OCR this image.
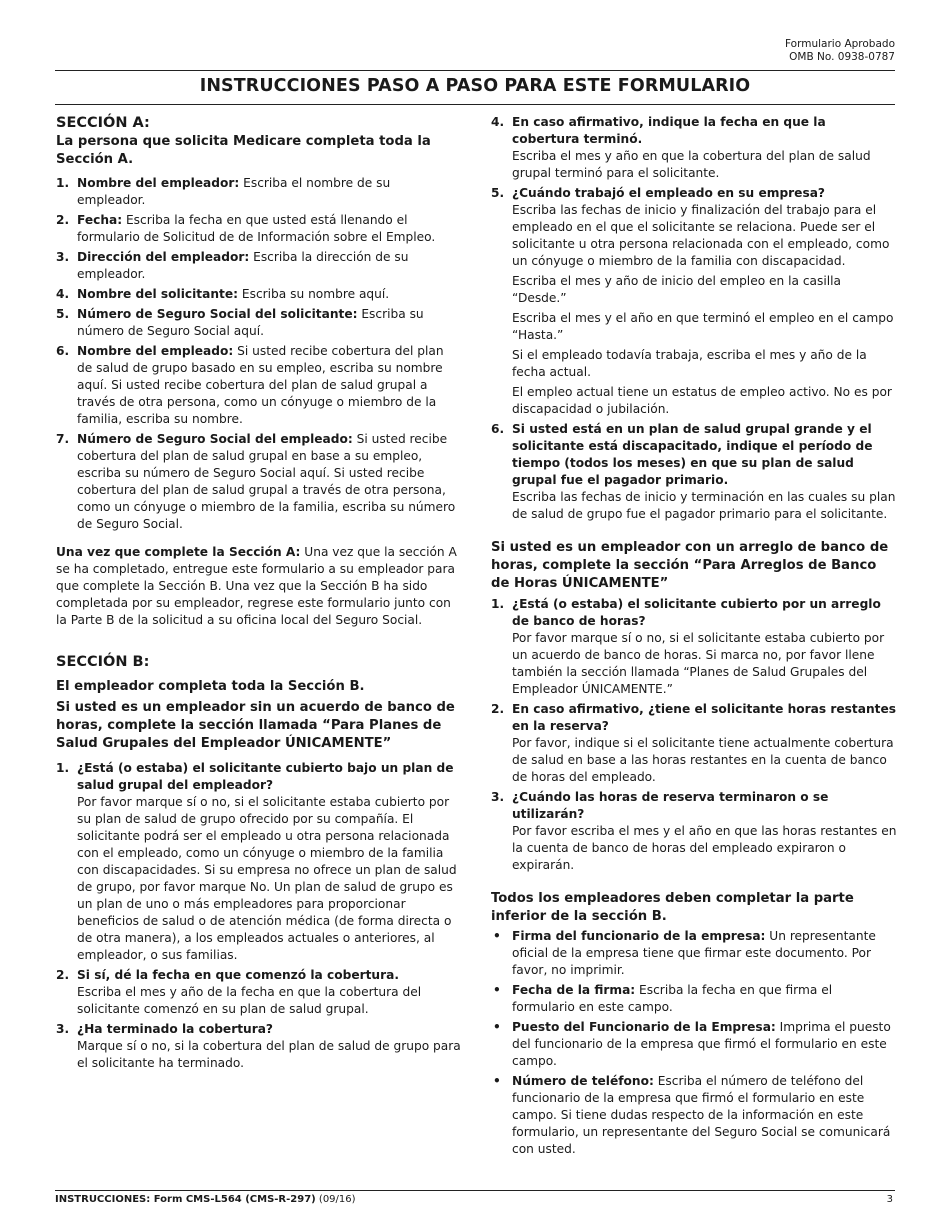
Formulario Aprobado
OMB No. 0938-0787
INSTRUCCIONES PASO A PASO PARA ESTE FORMULARIO
SECCIÓN A:
La persona que solicita Medicare completa toda la Sección A.
1. Nombre del empleador: Escriba el nombre de su empleador.
2. Fecha: Escriba la fecha en que usted está llenando el formulario de Solicitud de de Información sobre el Empleo.
3. Dirección del empleador: Escriba la dirección de su empleador.
4. Nombre del solicitante: Escriba su nombre aquí.
5. Número de Seguro Social del solicitante: Escriba su número de Seguro Social aquí.
6. Nombre del empleado: Si usted recibe cobertura del plan de salud de grupo basado en su empleo, escriba su nombre aquí. Si usted recibe cobertura del plan de salud grupal a través de otra persona, como un cónyuge o miembro de la familia, escriba su nombre.
7. Número de Seguro Social del empleado: Si usted recibe cobertura del plan de salud grupal en base a su empleo, escriba su número de Seguro Social aquí. Si usted recibe cobertura del plan de salud grupal a través de otra persona, como un cónyuge o miembro de la familia, escriba su número de Seguro Social.
Una vez que complete la Sección A: Una vez que la sección A se ha completado, entregue este formulario a su empleador para que complete la Sección B. Una vez que la Sección B ha sido completada por su empleador, regrese este formulario junto con la Parte B de la solicitud a su oficina local del Seguro Social.
SECCIÓN B:
El empleador completa toda la Sección B.
Si usted es un empleador sin un acuerdo de banco de horas, complete la sección llamada “Para Planes de Salud Grupales del Empleador ÚNICAMENTE”
1. ¿Está (o estaba) el solicitante cubierto bajo un plan de salud grupal del empleador?
Por favor marque sí o no, si el solicitante estaba cubierto por su plan de salud de grupo ofrecido por su compañía. El solicitante podrá ser el empleado u otra persona relacionada con el empleado, como un cónyuge o miembro de la familia con discapacidades. Si su empresa no ofrece un plan de salud de grupo, por favor marque No. Un plan de salud de grupo es un plan de uno o más empleadores para proporcionar beneficios de salud o de atención médica (de forma directa o de otra manera), a los empleados actuales o anteriores, al empleador, o sus familias.
2. Si sí, dé la fecha en que comenzó la cobertura.
Escriba el mes y año de la fecha en que la cobertura del solicitante comenzó en su plan de salud grupal.
3. ¿Ha terminado la cobertura?
Marque sí o no, si la cobertura del plan de salud de grupo para el solicitante ha terminado.
4. En caso afirmativo, indique la fecha en que la cobertura terminó.
Escriba el mes y año en que la cobertura del plan de salud grupal terminó para el solicitante.
5. ¿Cuándo trabajó el empleado en su empresa?
Escriba las fechas de inicio y finalización del trabajo para el empleado en el que el solicitante se relaciona. Puede ser el solicitante u otra persona relacionada con el empleado, como un cónyuge o miembro de la familia con discapacidad.
Escriba el mes y año de inicio del empleo en la casilla “Desde.”
Escriba el mes y el año en que terminó el empleo en el campo “Hasta.”
Si el empleado todavía trabaja, escriba el mes y año de la fecha actual.
El empleo actual tiene un estatus de empleo activo. No es por discapacidad o jubilación.
6. Si usted está en un plan de salud grupal grande y el solicitante está discapacitado, indique el período de tiempo (todos los meses) en que su plan de salud grupal fue el pagador primario.
Escriba las fechas de inicio y terminación en las cuales su plan de salud de grupo fue el pagador primario para el solicitante.
Si usted es un empleador con un arreglo de banco de horas, complete la sección “Para Arreglos de Banco de Horas ÚNICAMENTE”
1. ¿Está (o estaba) el solicitante cubierto por un arreglo de banco de horas?
Por favor marque sí o no, si el solicitante estaba cubierto por un acuerdo de banco de horas. Si marca no, por favor llene también la sección llamada “Planes de Salud Grupales del Empleador ÚNICAMENTE.”
2. En caso afirmativo, ¿tiene el solicitante horas restantes en la reserva?
Por favor, indique si el solicitante tiene actualmente cobertura de salud en base a las horas restantes en la cuenta de banco de horas del empleado.
3. ¿Cuándo las horas de reserva terminaron o se utilizarán?
Por favor escriba el mes y el año en que las horas restantes en la cuenta de banco de horas del empleado expiraron o expirarán.
Todos los empleadores deben completar la parte inferior de la sección B.
• Firma del funcionario de la empresa: Un representante oficial de la empresa tiene que firmar este documento. Por favor, no imprimir.
• Fecha de la firma: Escriba la fecha en que firma el formulario en este campo.
• Puesto del Funcionario de la Empresa: Imprima el puesto del funcionario de la empresa que firmó el formulario en este campo.
• Número de teléfono: Escriba el número de teléfono del funcionario de la empresa que firmó el formulario en este campo. Si tiene dudas respecto de la información en este formulario, un representante del Seguro Social se comunicará con usted.
INSTRUCCIONES: Form CMS-L564 (CMS-R-297) (09/16)	3
